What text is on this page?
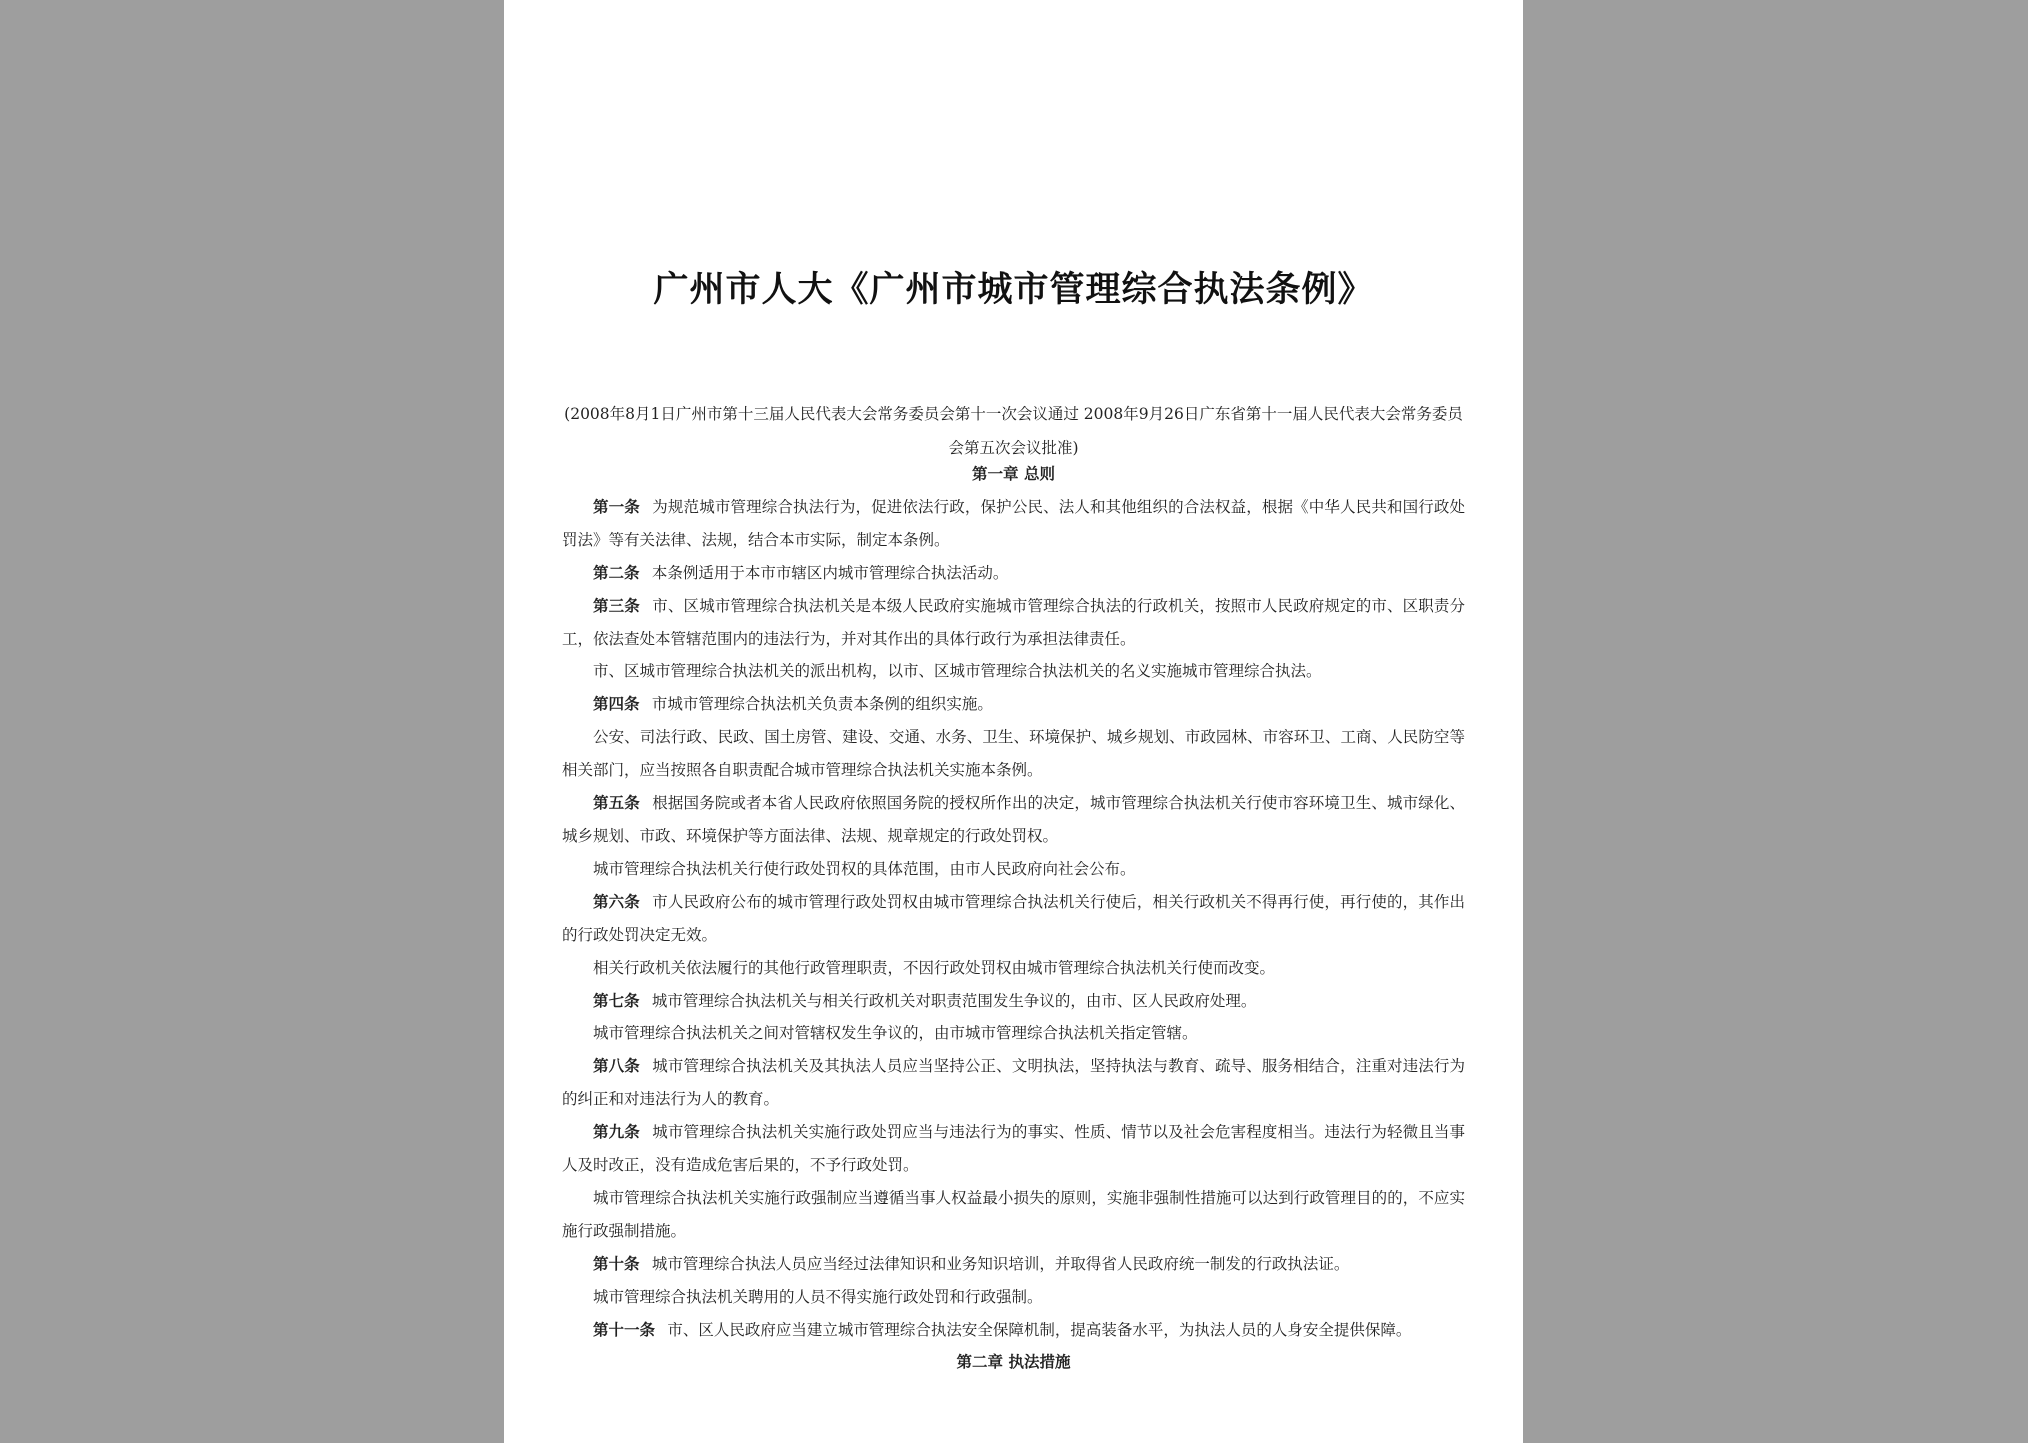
广州市人大《广州市城市管理综合执法条例》
(2008年8月1日广州市第十三届人民代表大会常务委员会第十一次会议通过 2008年9月26日广东省第十一届人民代表大会常务委员会第五次会议批准)

第一章 总则

第一条 为规范城市管理综合执法行为，促进依法行政，保护公民、法人和其他组织的合法权益，根据《中华人民共和国行政处罚法》等有关法律、法规，结合本市实际，制定本条例。

第二条 本条例适用于本市市辖区内城市管理综合执法活动。

第三条 市、区城市管理综合执法机关是本级人民政府实施城市管理综合执法的行政机关，按照市人民政府规定的市、区职责分工，依法查处本管辖范围内的违法行为，并对其作出的具体行政行为承担法律责任。

市、区城市管理综合执法机关的派出机构，以市、区城市管理综合执法机关的名义实施城市管理综合执法。

第四条 市城市管理综合执法机关负责本条例的组织实施。

公安、司法行政、民政、国土房管、建设、交通、水务、卫生、环境保护、城乡规划、市政园林、市容环卫、工商、人民防空等相关部门，应当按照各自职责配合城市管理综合执法机关实施本条例。

第五条 根据国务院或者本省人民政府依照国务院的授权所作出的决定，城市管理综合执法机关行使市容环境卫生、城市绿化、城乡规划、市政、环境保护等方面法律、法规、规章规定的行政处罚权。

城市管理综合执法机关行使行政处罚权的具体范围，由市人民政府向社会公布。

第六条 市人民政府公布的城市管理行政处罚权由城市管理综合执法机关行使后，相关行政机关不得再行使，再行使的，其作出的行政处罚决定无效。

相关行政机关依法履行的其他行政管理职责，不因行政处罚权由城市管理综合执法机关行使而改变。

第七条 城市管理综合执法机关与相关行政机关对职责范围发生争议的，由市、区人民政府处理。

城市管理综合执法机关之间对管辖权发生争议的，由市城市管理综合执法机关指定管辖。

第八条 城市管理综合执法机关及其执法人员应当坚持公正、文明执法，坚持执法与教育、疏导、服务相结合，注重对违法行为的纠正和对违法行为人的教育。

第九条 城市管理综合执法机关实施行政处罚应当与违法行为的事实、性质、情节以及社会危害程度相当。违法行为轻微且当事人及时改正，没有造成危害后果的，不予行政处罚。

城市管理综合执法机关实施行政强制应当遵循当事人权益最小损失的原则，实施非强制性措施可以达到行政管理目的的，不应实施行政强制措施。

第十条 城市管理综合执法人员应当经过法律知识和业务知识培训，并取得省人民政府统一制发的行政执法证。

城市管理综合执法机关聘用的人员不得实施行政处罚和行政强制。

第十一条 市、区人民政府应当建立城市管理综合执法安全保障机制，提高装备水平，为执法人员的人身安全提供保障。

第二章 执法措施
